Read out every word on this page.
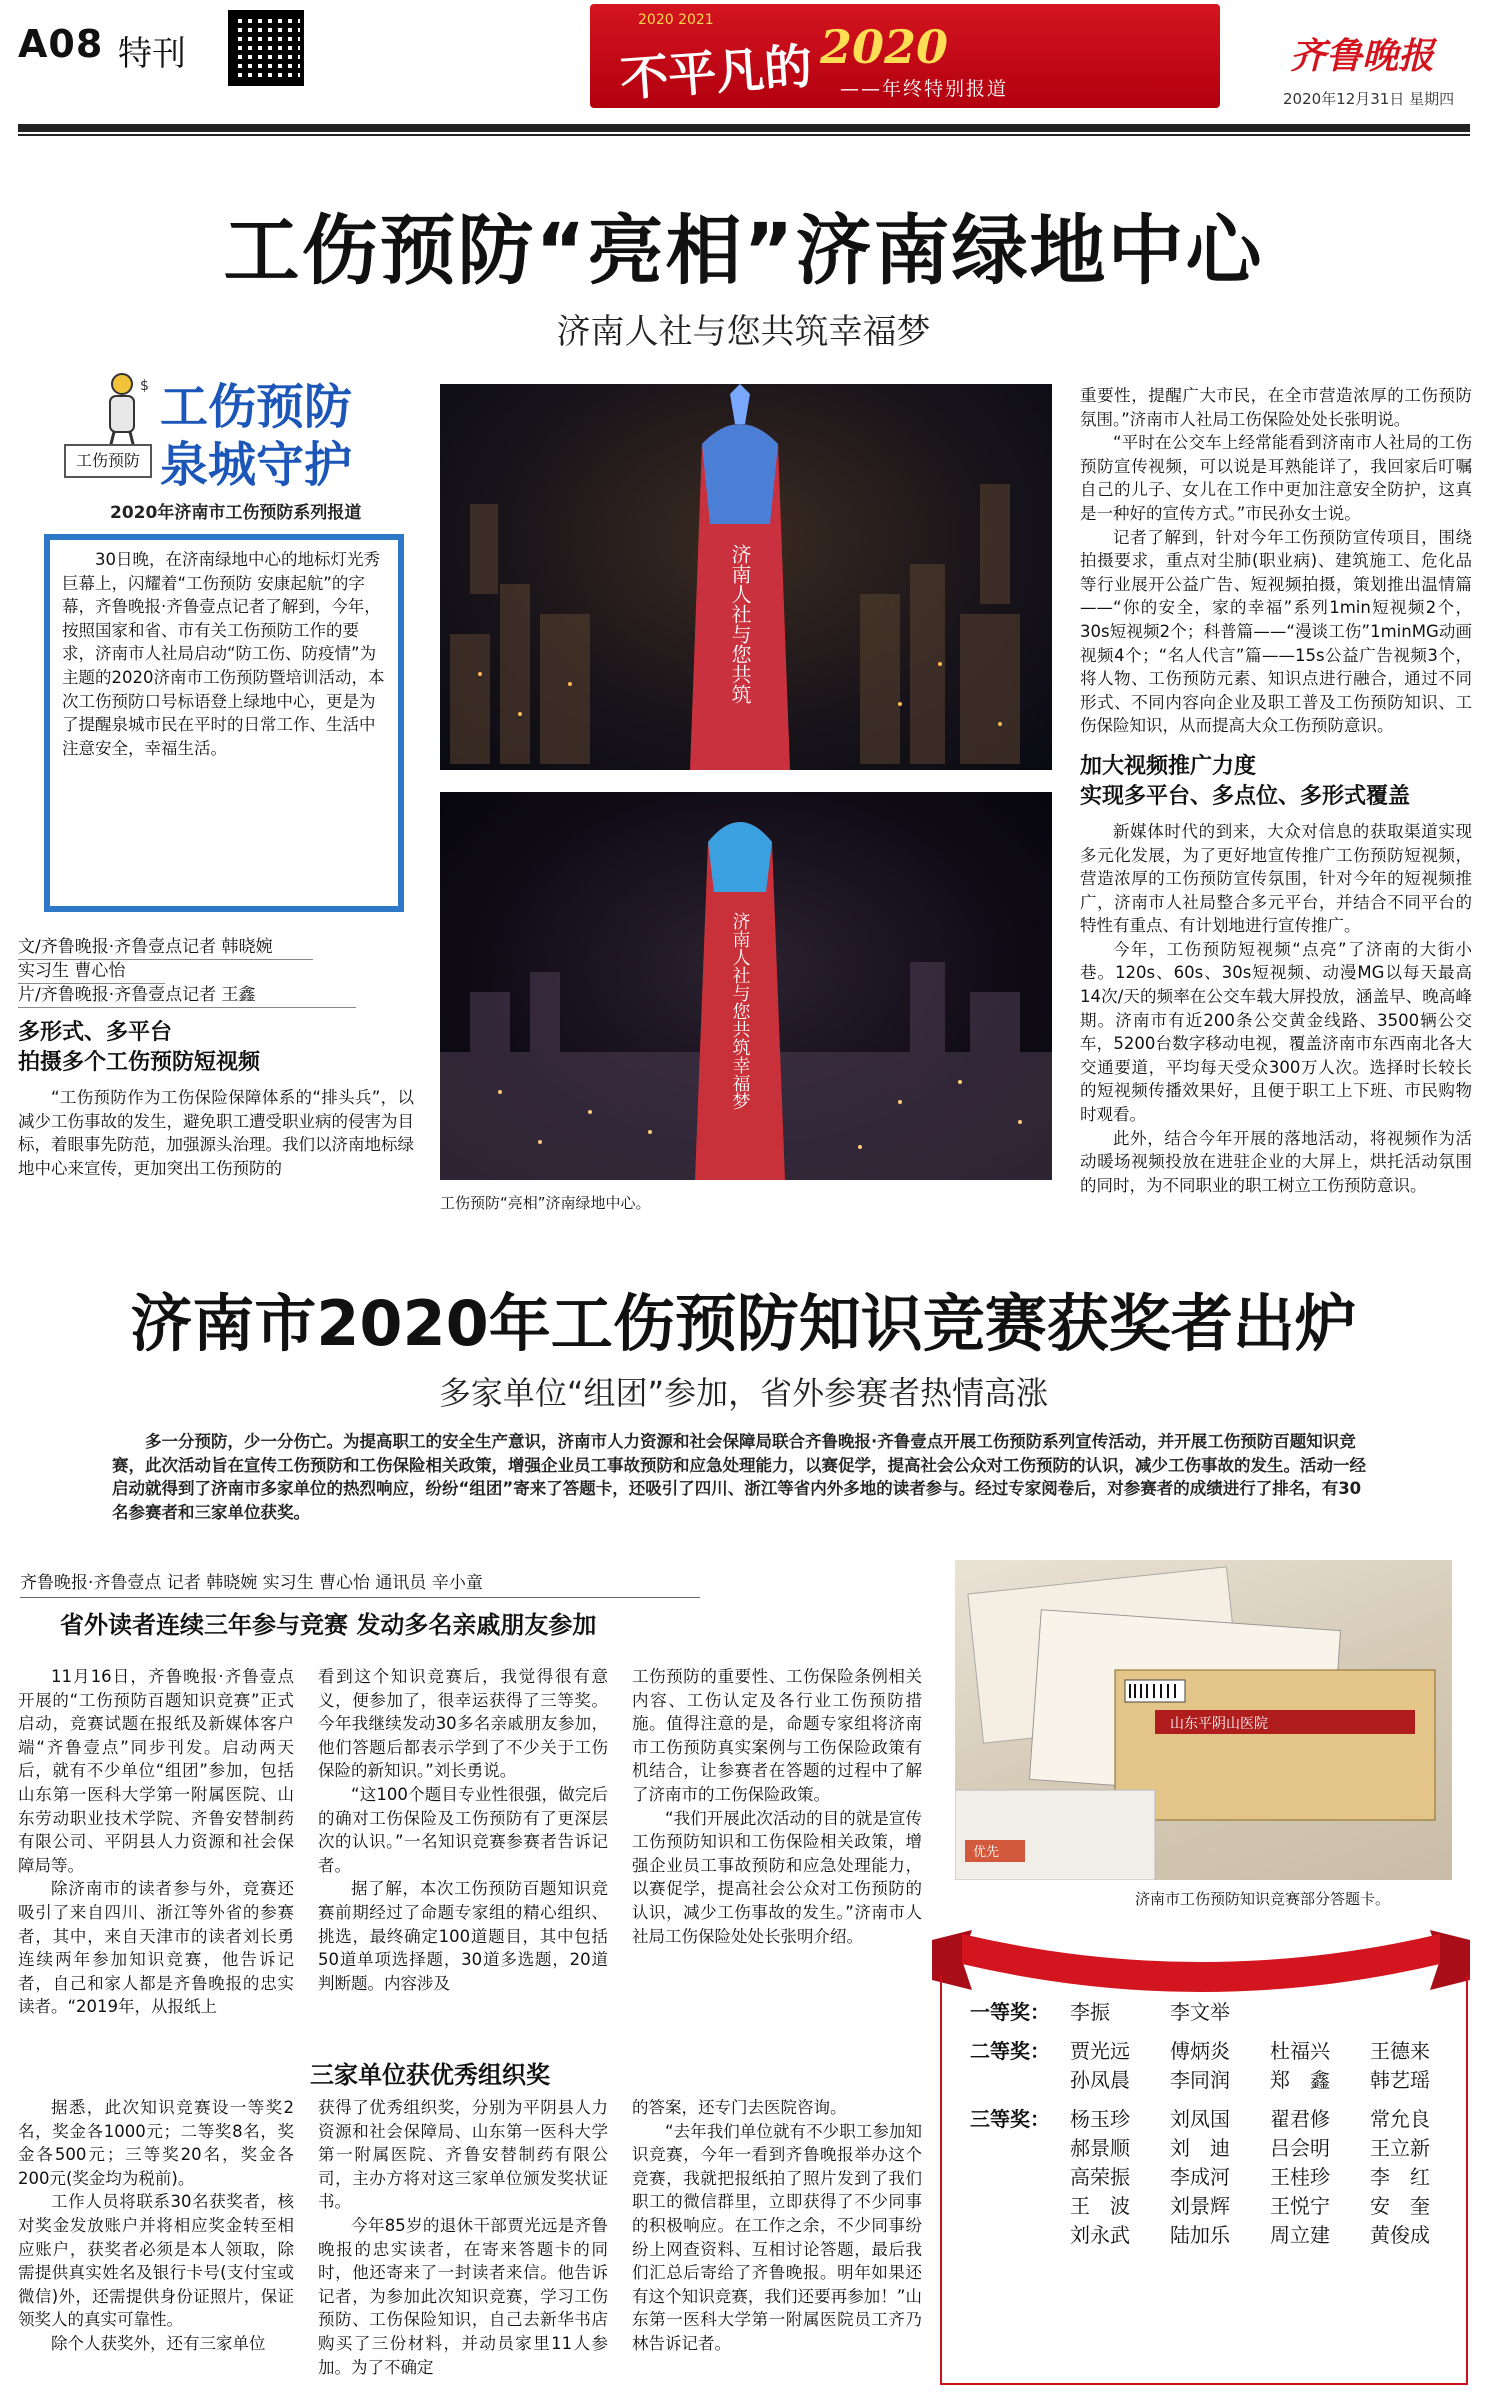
A08 特刊
2020 2021
不平凡的 2020
——年终特别报道
齐鲁晚报
2020年12月31日 星期四
工伤预防“亮相”济南绿地中心
济南人社与您共筑幸福梦
$ 工伤预防
泉城守护
工伤预防
2020年济南市工伤预防系列报道

30日晚，在济南绿地中心的地标灯光秀巨幕上，闪耀着“工伤预防 安康起航”的字幕，齐鲁晚报·齐鲁壹点记者了解到，今年，按照国家和省、市有关工伤预防工作的要求，济南市人社局启动“防工伤、防疫情”为主题的2020济南市工伤预防暨培训活动，本次工伤预防口号标语登上绿地中心，更是为了提醒泉城市民在平时的日常工作、生活中注意安全，幸福生活。

文/齐鲁晚报·齐鲁壹点记者 韩晓婉
实习生 曹心怡
片/齐鲁晚报·齐鲁壹点记者 王鑫
多形式、多平台
拍摄多个工伤预防短视频

“工伤预防作为工伤保险保障体系的“排头兵”，以减少工伤事故的发生，避免职工遭受职业病的侵害为目标，着眼事先防范，加强源头治理。我们以济南地标绿地中心来宣传，更加突出工伤预防的

济南人社与您共筑
济南人社与您共筑幸福梦
工伤预防“亮相”济南绿地中心。

重要性，提醒广大市民，在全市营造浓厚的工伤预防氛围。”济南市人社局工伤保险处处长张明说。

“平时在公交车上经常能看到济南市人社局的工伤预防宣传视频，可以说是耳熟能详了，我回家后叮嘱自己的儿子、女儿在工作中更加注意安全防护，这真是一种好的宣传方式。”市民孙女士说。

记者了解到，针对今年工伤预防宣传项目，围绕拍摄要求，重点对尘肺(职业病)、建筑施工、危化品等行业展开公益广告、短视频拍摄，策划推出温情篇——“你的安全，家的幸福”系列1min短视频2个，30s短视频2个；科普篇——“漫谈工伤”1minMG动画视频4个；“名人代言”篇——15s公益广告视频3个，将人物、工伤预防元素、知识点进行融合，通过不同形式、不同内容向企业及职工普及工伤预防知识、工伤保险知识，从而提高大众工伤预防意识。

加大视频推广力度
实现多平台、多点位、多形式覆盖

新媒体时代的到来，大众对信息的获取渠道实现多元化发展，为了更好地宣传推广工伤预防短视频，营造浓厚的工伤预防宣传氛围，针对今年的短视频推广，济南市人社局整合多元平台，并结合不同平台的特性有重点、有计划地进行宣传推广。

今年，工伤预防短视频“点亮”了济南的大街小巷。120s、60s、30s短视频、动漫MG以每天最高14次/天的频率在公交车载大屏投放，涵盖早、晚高峰期。济南市有近200条公交黄金线路、3500辆公交车，5200台数字移动电视，覆盖济南市东西南北各大交通要道，平均每天受众300万人次。选择时长较长的短视频传播效果好，且便于职工上下班、市民购物时观看。

此外，结合今年开展的落地活动，将视频作为活动暖场视频投放在进驻企业的大屏上，烘托活动氛围的同时，为不同职业的职工树立工伤预防意识。

济南市2020年工伤预防知识竞赛获奖者出炉
多家单位“组团”参加，省外参赛者热情高涨

多一分预防，少一分伤亡。为提高职工的安全生产意识，济南市人力资源和社会保障局联合齐鲁晚报·齐鲁壹点开展工伤预防系列宣传活动，并开展工伤预防百题知识竞赛，此次活动旨在宣传工伤预防和工伤保险相关政策，增强企业员工事故预防和应急处理能力，以赛促学，提高社会公众对工伤预防的认识，减少工伤事故的发生。活动一经启动就得到了济南市多家单位的热烈响应，纷纷“组团”寄来了答题卡，还吸引了四川、浙江等省内外多地的读者参与。经过专家阅卷后，对参赛者的成绩进行了排名，有30名参赛者和三家单位获奖。

齐鲁晚报·齐鲁壹点 记者 韩晓婉 实习生 曹心怡 通讯员 辛小童
省外读者连续三年参与竞赛 发动多名亲戚朋友参加

11月16日，齐鲁晚报·齐鲁壹点开展的“工伤预防百题知识竞赛”正式启动，竞赛试题在报纸及新媒体客户端“齐鲁壹点”同步刊发。启动两天后，就有不少单位“组团”参加，包括山东第一医科大学第一附属医院、山东劳动职业技术学院、齐鲁安替制药有限公司、平阴县人力资源和社会保障局等。

除济南市的读者参与外，竞赛还吸引了来自四川、浙江等外省的参赛者，其中，来自天津市的读者刘长勇连续两年参加知识竞赛，他告诉记者，自己和家人都是齐鲁晚报的忠实读者。“2019年，从报纸上

看到这个知识竞赛后，我觉得很有意义，便参加了，很幸运获得了三等奖。今年我继续发动30多名亲戚朋友参加，他们答题后都表示学到了不少关于工伤保险的新知识。”刘长勇说。

“这100个题目专业性很强，做完后的确对工伤保险及工伤预防有了更深层次的认识。”一名知识竞赛参赛者告诉记者。

据了解，本次工伤预防百题知识竞赛前期经过了命题专家组的精心组织、挑选，最终确定100道题目，其中包括50道单项选择题，30道多选题，20道判断题。内容涉及

工伤预防的重要性、工伤保险条例相关内容、工伤认定及各行业工伤预防措施。值得注意的是，命题专家组将济南市工伤预防真实案例与工伤保险政策有机结合，让参赛者在答题的过程中了解了济南市的工伤保险政策。

“我们开展此次活动的目的就是宣传工伤预防知识和工伤保险相关政策，增强企业员工事故预防和应急处理能力，以赛促学，提高社会公众对工伤预防的认识，减少工伤事故的发生。”济南市人社局工伤保险处处长张明介绍。

三家单位获优秀组织奖

据悉，此次知识竞赛设一等奖2名，奖金各1000元；二等奖8名，奖金各500元；三等奖20名，奖金各200元(奖金均为税前)。

工作人员将联系30名获奖者，核对奖金发放账户并将相应奖金转至相应账户，获奖者必须是本人领取，除需提供真实姓名及银行卡号(支付宝或微信)外，还需提供身份证照片，保证领奖人的真实可靠性。

除个人获奖外，还有三家单位

获得了优秀组织奖，分别为平阴县人力资源和社会保障局、山东第一医科大学第一附属医院、齐鲁安替制药有限公司，主办方将对这三家单位颁发奖状证书。

今年85岁的退休干部贾光远是齐鲁晚报的忠实读者，在寄来答题卡的同时，他还寄来了一封读者来信。他告诉记者，为参加此次知识竞赛，学习工伤预防、工伤保险知识，自己去新华书店购买了三份材料，并动员家里11人参加。为了不确定

的答案，还专门去医院咨询。

“去年我们单位就有不少职工参加知识竞赛，今年一看到齐鲁晚报举办这个竞赛，我就把报纸拍了照片发到了我们职工的微信群里，立即获得了不少同事的积极响应。在工作之余，不少同事纷纷上网查资料、互相讨论答题，最后我们汇总后寄给了齐鲁晚报。明年如果还有这个知识竞赛，我们还要再参加！”山东第一医科大学第一附属医院员工齐乃林告诉记者。

山东平阴山医院
优先
济南市工伤预防知识竞赛部分答题卡。
一等奖：	李振	李文举
二等奖：	贾光远	傅炳炎	杜福兴	王德来
孙凤晨	李同润	郑　鑫	韩艺瑶
三等奖：	杨玉珍	刘凤国	翟君修	常允良
郝景顺	刘　迪	吕会明	王立新
高荣振	李成河	王桂珍	李　红
王　波	刘景辉	王悦宁	安　奎
刘永武	陆加乐	周立建	黄俊成
